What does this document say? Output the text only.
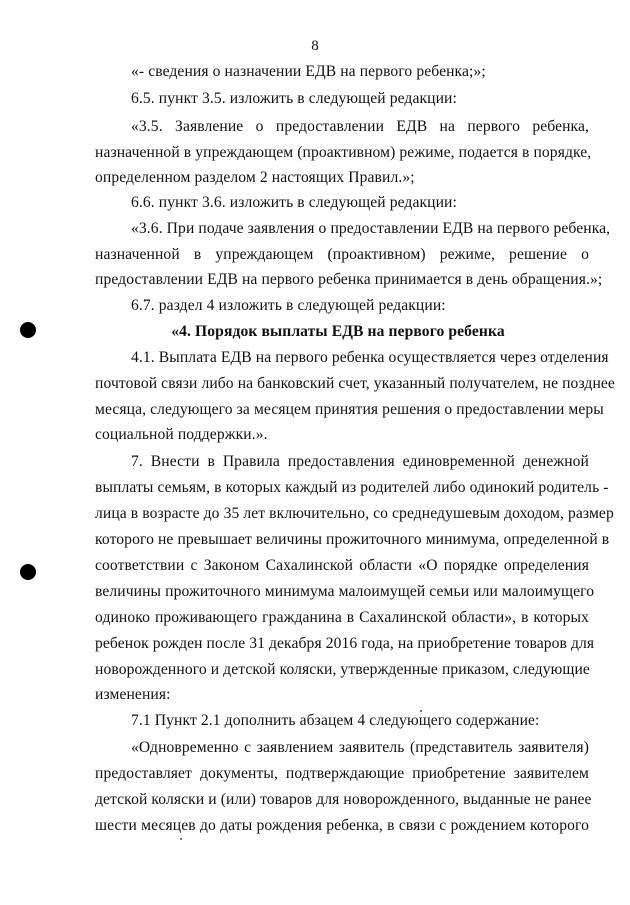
8
«- сведения о назначении ЕДВ на первого ребенка;»;
6.5. пункт 3.5. изложить в следующей редакции:
«3.5. Заявление о предоставлении ЕДВ на первого ребенка,
назначенной в упреждающем (проактивном) режиме, подается в порядке,
определенном разделом 2 настоящих Правил.»;
6.6. пункт 3.6. изложить в следующей редакции:
«3.6. При подаче заявления о предоставлении ЕДВ на первого ребенка,
назначенной в упреждающем (проактивном) режиме, решение о
предоставлении ЕДВ на первого ребенка принимается в день обращения.»;
6.7. раздел 4 изложить в следующей редакции:
«4. Порядок выплаты ЕДВ на первого ребенка
4.1. Выплата ЕДВ на первого ребенка осуществляется через отделения
почтовой связи либо на банковский счет, указанный получателем, не позднее
месяца, следующего за месяцем принятия решения о предоставлении меры
социальной поддержки.».
7. Внести в Правила предоставления единовременной денежной
выплаты семьям, в которых каждый из родителей либо одинокий родитель -
лица в возрасте до 35 лет включительно, со среднедушевым доходом, размер
которого не превышает величины прожиточного минимума, определенной в
соответствии с Законом Сахалинской области «О порядке определения
величины прожиточного минимума малоимущей семьи или малоимущего
одиноко проживающего гражданина в Сахалинской области», в которых
ребенок рожден после 31 декабря 2016 года, на приобретение товаров для
новорожденного и детской коляски, утвержденные приказом, следующие
изменения:
7.1 Пункт 2.1 дополнить абзацем 4 следующего содержание:
«Одновременно с заявлением заявитель (представитель заявителя)
предоставляет документы, подтверждающие приобретение заявителем
детской коляски и (или) товаров для новорожденного, выданные не ранее
шести месяцев до даты рождения ребенка, в связи с рождением которого
